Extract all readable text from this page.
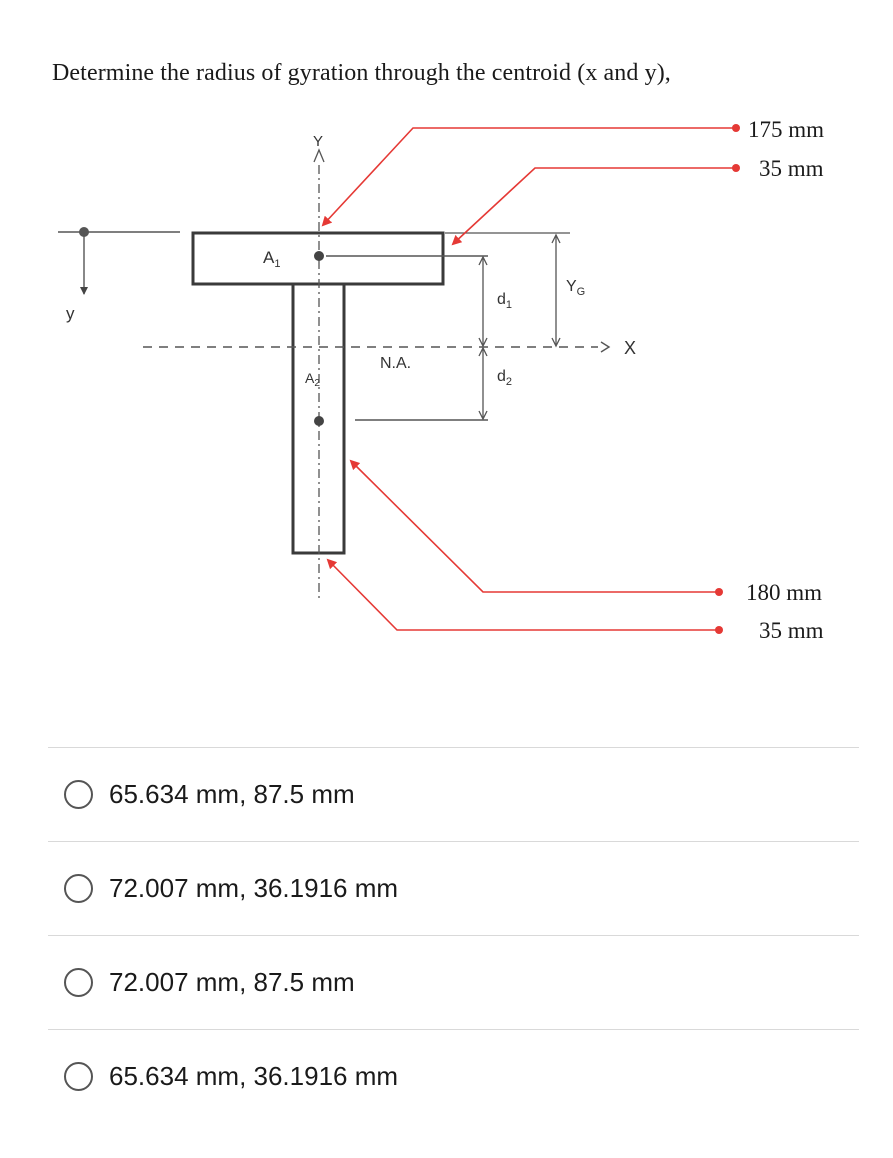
Determine the radius of gyration through the centroid (x and y),
Y
y
X
$d_1$
$d_2$
$Y_G$
$A_1$
$A_2$
N.A.
175 mm
35 mm
180 mm
35 mm
65.634 mm, 87.5 mm
72.007 mm, 36.1916 mm
72.007 mm, 87.5 mm
65.634 mm, 36.1916 mm
